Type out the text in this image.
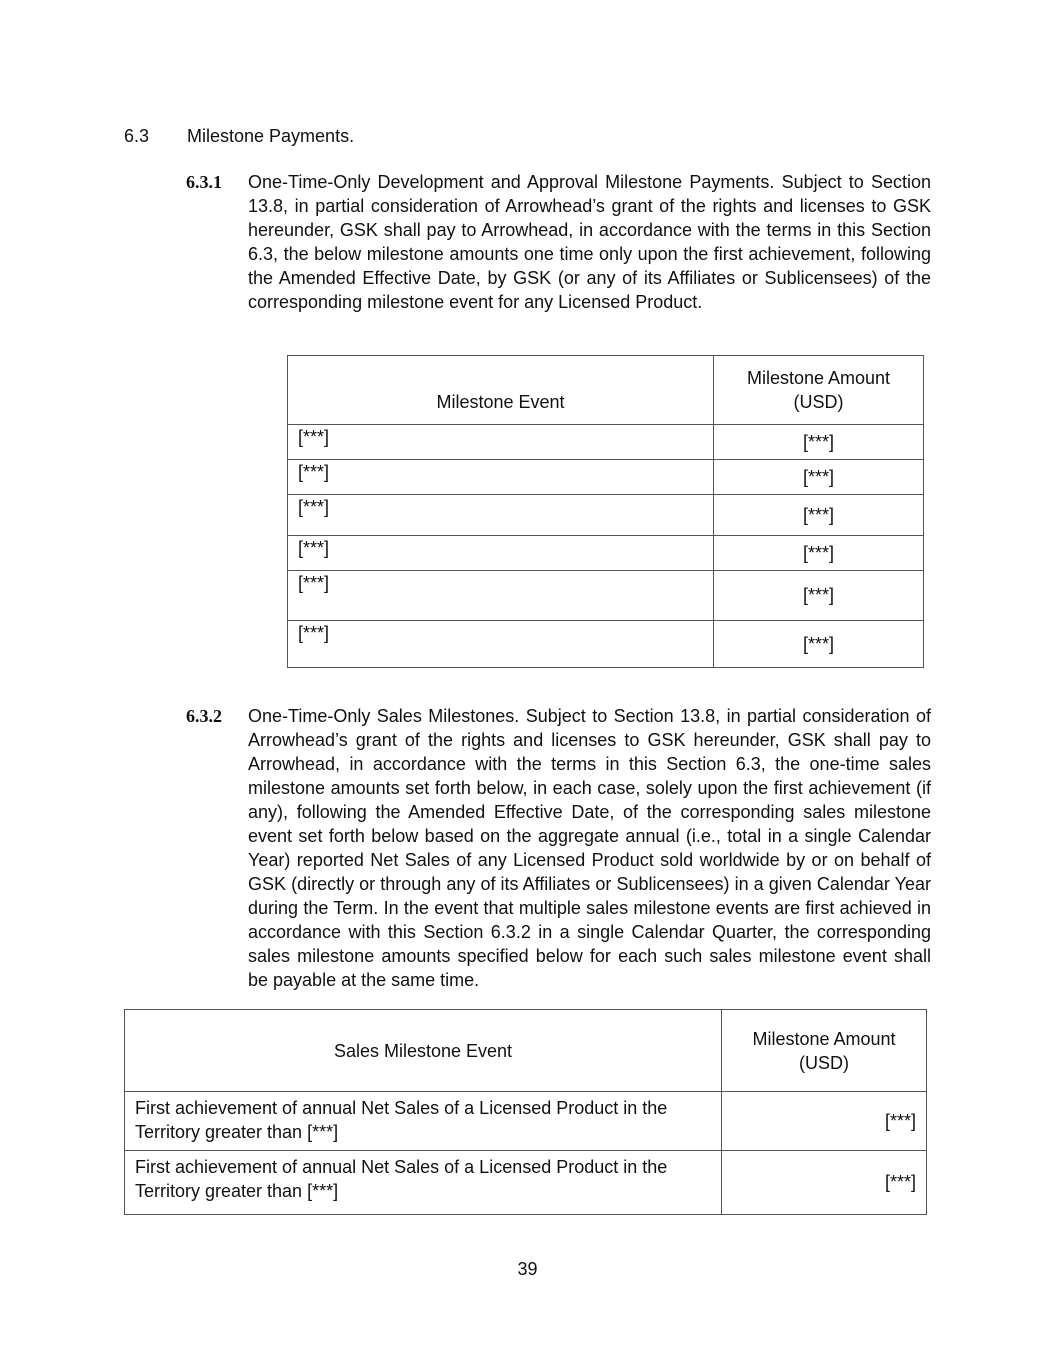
6.3 Milestone Payments.
6.3.1 One-Time-Only Development and Approval Milestone Payments. Subject to Section 13.8, in partial consideration of Arrowhead’s grant of the rights and licenses to GSK hereunder, GSK shall pay to Arrowhead, in accordance with the terms in this Section 6.3, the below milestone amounts one time only upon the first achievement, following the Amended Effective Date, by GSK (or any of its Affiliates or Sublicensees) of the corresponding milestone event for any Licensed Product.
Milestone Event	Milestone Amount
(USD)

[***]	[***]
[***]	[***]
[***]	[***]
[***]	[***]
[***]	[***]
[***]	[***]
6.3.2 One-Time-Only Sales Milestones. Subject to Section 13.8, in partial consideration of Arrowhead’s grant of the rights and licenses to GSK hereunder, GSK shall pay to Arrowhead, in accordance with the terms in this Section 6.3, the one-time sales milestone amounts set forth below, in each case, solely upon the first achievement (if any), following the Amended Effective Date, of the corresponding sales milestone event set forth below based on the aggregate annual (i.e., total in a single Calendar Year) reported Net Sales of any Licensed Product sold worldwide by or on behalf of GSK (directly or through any of its Affiliates or Sublicensees) in a given Calendar Year during the Term. In the event that multiple sales milestone events are first achieved in accordance with this Section 6.3.2 in a single Calendar Quarter, the corresponding sales milestone amounts specified below for each such sales milestone event shall be payable at the same time.
Sales Milestone Event	Milestone Amount
(USD)

First achievement of annual Net Sales of a Licensed Product in the
Territory greater than [***]	[***]

First achievement of annual Net Sales of a Licensed Product in the
Territory greater than [***]	[***]
39
